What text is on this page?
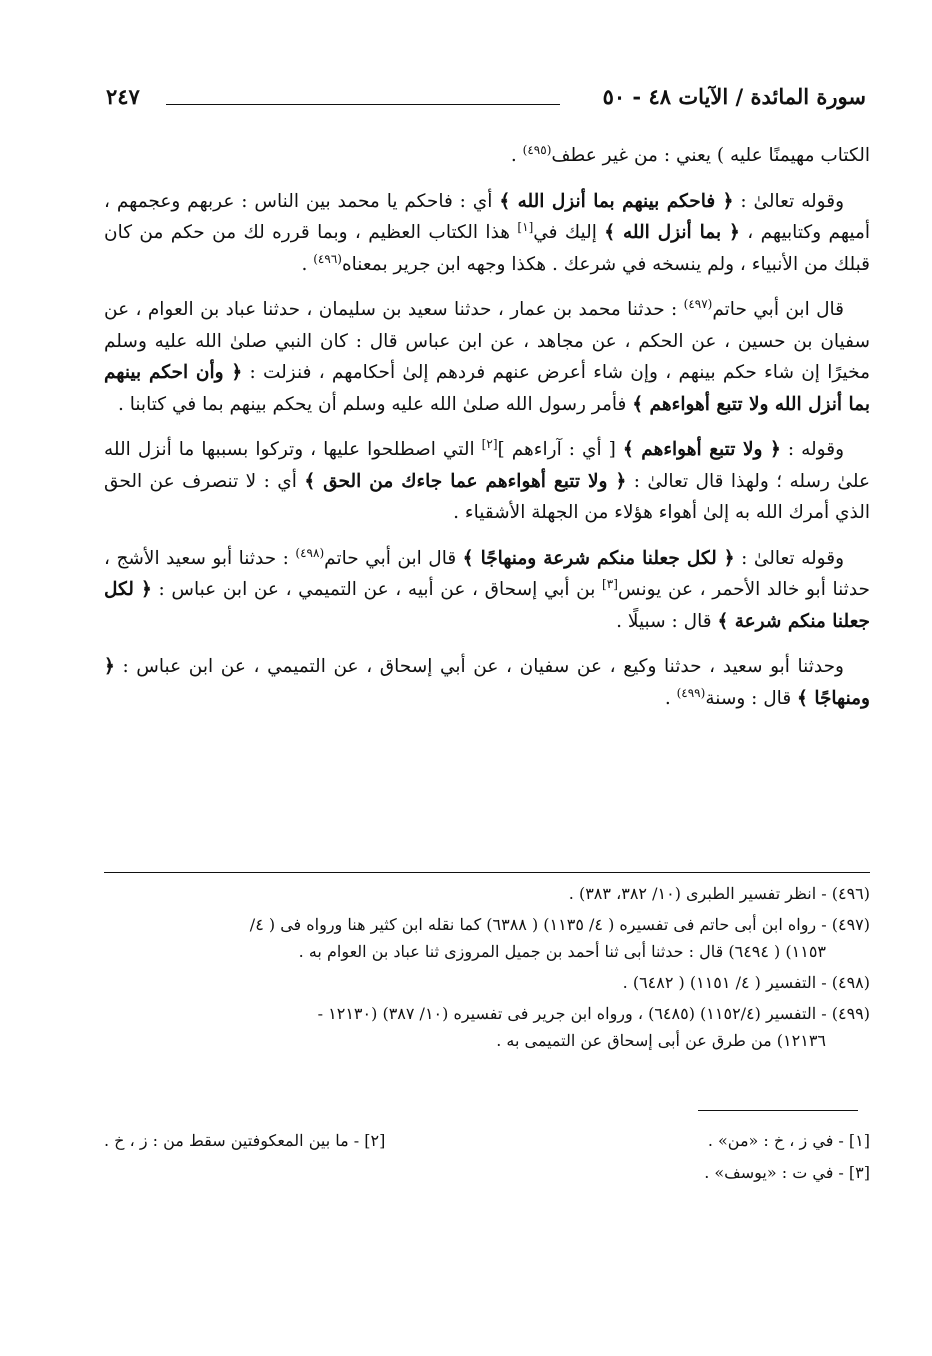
سورة المائدة / الآيات ٤٨ - ٥٠
٢٤٧

الكتاب مهيمنًا عليه ) يعني : من غير عطف$^{(٤٩٥)}$ .

وقوله تعالىٰ : ﴿ فاحكم بينهم بما أنزل الله ﴾ أي : فاحكم يا محمد بين الناس : عربهم وعجمهم ، أميهم وكتابيهم ، ﴿ بما أنزل الله ﴾ إليك في[١] هذا الكتاب العظيم ، وبما قرره لك من حكم من كان قبلك من الأنبياء ، ولم ينسخه في شرعك . هكذا وجهه ابن جرير بمعناه$^{(٤٩٦)}$ .

قال ابن أبي حاتم$^{(٤٩٧)}$ : حدثنا محمد بن عمار ، حدثنا سعيد بن سليمان ، حدثنا عباد بن العوام ، عن سفيان بن حسين ، عن الحكم ، عن مجاهد ، عن ابن عباس قال : كان النبي صلىٰ الله عليه وسلم مخيرًا إن شاء حكم بينهم ، وإن شاء أعرض عنهم فردهم إلىٰ أحكامهم ، فنزلت : ﴿ وأن احكم بينهم بما أنزل الله ولا تتبع أهواءهم ﴾ فأمر رسول الله صلىٰ الله عليه وسلم أن يحكم بينهم بما في كتابنا .

وقوله : ﴿ ولا تتبع أهواءهم ﴾ [ أي : آراءهم ][٢] التي اصطلحوا عليها ، وتركوا بسببها ما أنزل الله علىٰ رسله ؛ ولهذا قال تعالىٰ : ﴿ ولا تتبع أهواءهم عما جاءك من الحق ﴾ أي : لا تنصرف عن الحق الذي أمرك الله به إلىٰ أهواء هؤلاء من الجهلة الأشقياء .

وقوله تعالىٰ : ﴿ لكل جعلنا منكم شرعة ومنهاجًا ﴾ قال ابن أبي حاتم$^{(٤٩٨)}$ : حدثنا أبو سعيد الأشج ، حدثنا أبو خالد الأحمر ، عن يونس[٣] بن أبي إسحاق ، عن أبيه ، عن التميمي ، عن ابن عباس : ﴿ لكل جعلنا منكم شرعة ﴾ قال : سبيلًا .

وحدثنا أبو سعيد ، حدثنا وكيع ، عن سفيان ، عن أبي إسحاق ، عن التميمي ، عن ابن عباس : ﴿ ومنهاجًا ﴾ قال : وسنة$^{(٤٩٩)}$ .

(٤٩٦) - انظر تفسير الطبرى (١٠/ ٣٨٢، ٣٨٣) .
(٤٩٧) - رواه ابن أبى حاتم فى تفسيره ( ٤/ ١١٣٥) ( ٦٣٨٨) كما نقله ابن كثير هنا ورواه فى ( ٤/
١١٥٣) ( ٦٤٩٤) قال : حدثنا أبى ثنا أحمد بن جميل المروزى ثنا عباد بن العوام به .
(٤٩٨) - التفسير ( ٤/ ١١٥١) ( ٦٤٨٢) .
(٤٩٩) - التفسير (١١٥٢/٤) (٦٤٨٥) ، ورواه ابن جرير فى تفسيره (١٠/ ٣٨٧) (١٢١٣٠ -
١٢١٣٦) من طرق عن أبى إسحاق عن التميمى به .
[١] - في ز ، خ : «من» .
[٢] - ما بين المعكوفتين سقط من : ز ، خ .
[٣] - في ت : «يوسف» .
